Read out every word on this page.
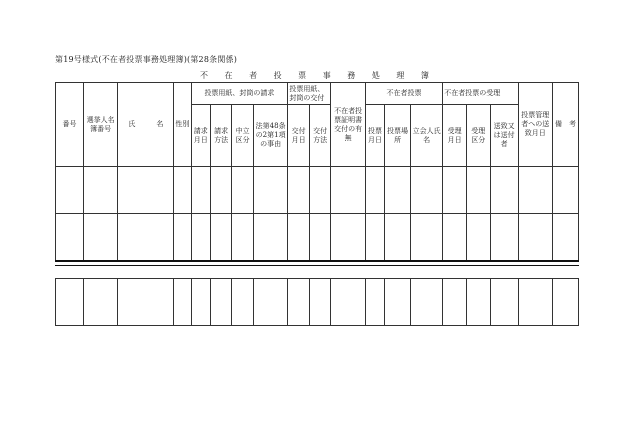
第19号様式(不在者投票事務処理簿)(第28条関係)
不 在 者 投 票 事 務 処 理 簿
番号	選挙人名簿番号	氏　　　名	性別	投票用紙、封筒の請求				投票用紙、封筒の交付		不在者投票証明書交付の有無	不在者投票			不在者投票の受理			投票管理者への送致月日	備　考
				請求月日	請求方法	中立区分	法第48条の2第1項の事由	交付月日	交付方法		投票月日	投票場所	立会人氏名	受理月日	受理区分	送致又は送付者		
